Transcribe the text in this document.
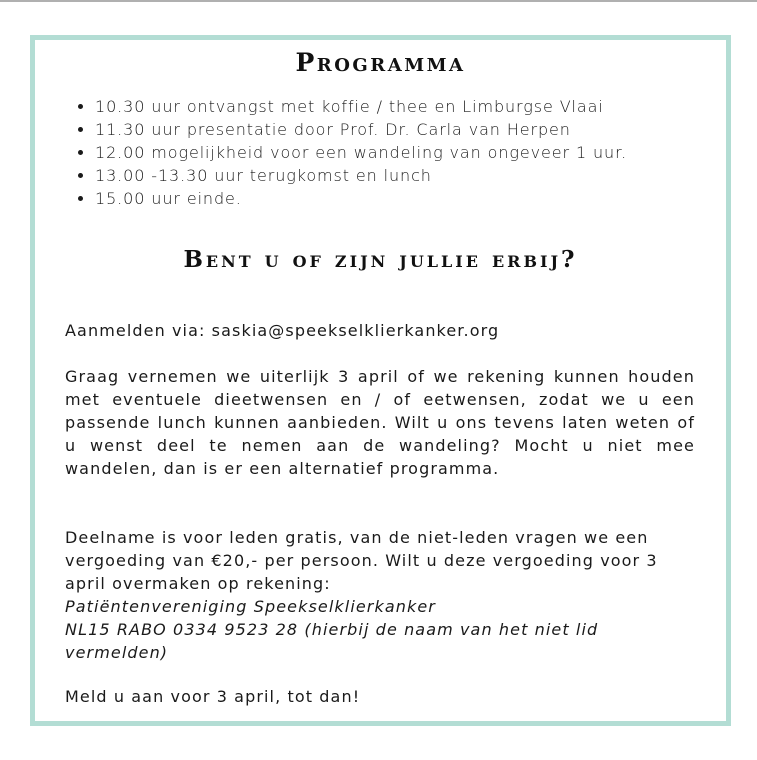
Programma
• 10.30 uur ontvangst met koffie / thee en Limburgse Vlaai
• 11.30 uur presentatie door Prof. Dr. Carla van Herpen
• 12.00 mogelijkheid voor een wandeling van ongeveer 1 uur.
• 13.00 -13.30 uur terugkomst en lunch
• 15.00 uur einde.
Bent u of zijn jullie erbij?

Aanmelden via: saskia@speekselklierkanker.org

Graag vernemen we uiterlijk 3 april of we rekening kunnen houden met eventuele dieetwensen en / of eetwensen, zodat we u een passende lunch kunnen aanbieden. Wilt u ons tevens laten weten of u wenst deel te nemen aan de wandeling? Mocht u niet mee wandelen, dan is er een alternatief programma.

Deelname is voor leden gratis, van de niet-leden vragen we een vergoeding van €20,- per persoon. Wilt u deze vergoeding voor 3 april overmaken op rekening:
Patiëntenvereniging Speekselklierkanker
NL15 RABO 0334 9523 28 (hierbij de naam van het niet lid vermelden)

Meld u aan voor 3 april, tot dan!
